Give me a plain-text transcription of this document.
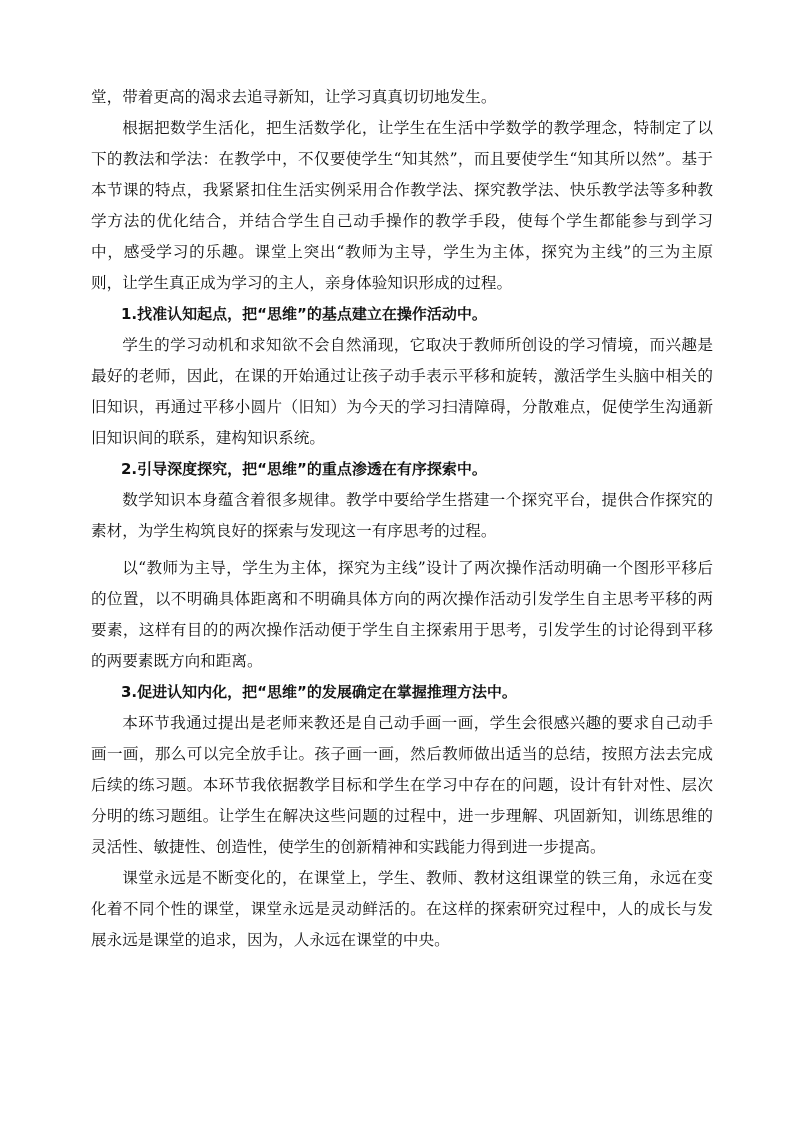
堂，带着更高的渴求去追寻新知，让学习真真切切地发生。

根据把数学生活化，把生活数学化，让学生在生活中学数学的教学理念，特制定了以下的教法和学法：在教学中，不仅要使学生“知其然”，而且要使学生“知其所以然”。基于本节课的特点，我紧紧扣住生活实例采用合作教学法、探究教学法、快乐教学法等多种教学方法的优化结合，并结合学生自己动手操作的教学手段，使每个学生都能参与到学习中，感受学习的乐趣。课堂上突出“教师为主导，学生为主体，探究为主线”的三为主原则，让学生真正成为学习的主人，亲身体验知识形成的过程。

1.找准认知起点，把“思维”的基点建立在操作活动中。

学生的学习动机和求知欲不会自然涌现，它取决于教师所创设的学习情境，而兴趣是最好的老师，因此，在课的开始通过让孩子动手表示平移和旋转，激活学生头脑中相关的旧知识，再通过平移小圆片（旧知）为今天的学习扫清障碍，分散难点，促使学生沟通新旧知识间的联系，建构知识系统。

2.引导深度探究，把“思维”的重点渗透在有序探索中。

数学知识本身蕴含着很多规律。教学中要给学生搭建一个探究平台，提供合作探究的素材，为学生构筑良好的探索与发现这一有序思考的过程。

以“教师为主导，学生为主体，探究为主线”设计了两次操作活动明确一个图形平移后的位置，以不明确具体距离和不明确具体方向的两次操作活动引发学生自主思考平移的两要素，这样有目的的两次操作活动便于学生自主探索用于思考，引发学生的讨论得到平移的两要素既方向和距离。

3.促进认知内化，把“思维”的发展确定在掌握推理方法中。

本环节我通过提出是老师来教还是自己动手画一画，学生会很感兴趣的要求自己动手画一画，那么可以完全放手让。孩子画一画，然后教师做出适当的总结，按照方法去完成后续的练习题。本环节我依据教学目标和学生在学习中存在的问题，设计有针对性、层次分明的练习题组。让学生在解决这些问题的过程中，进一步理解、巩固新知，训练思维的灵活性、敏捷性、创造性，使学生的创新精神和实践能力得到进一步提高。

课堂永远是不断变化的，在课堂上，学生、教师、教材这组课堂的铁三角，永远在变化着不同个性的课堂，课堂永远是灵动鲜活的。在这样的探索研究过程中，人的成长与发展永远是课堂的追求，因为，人永远在课堂的中央。
